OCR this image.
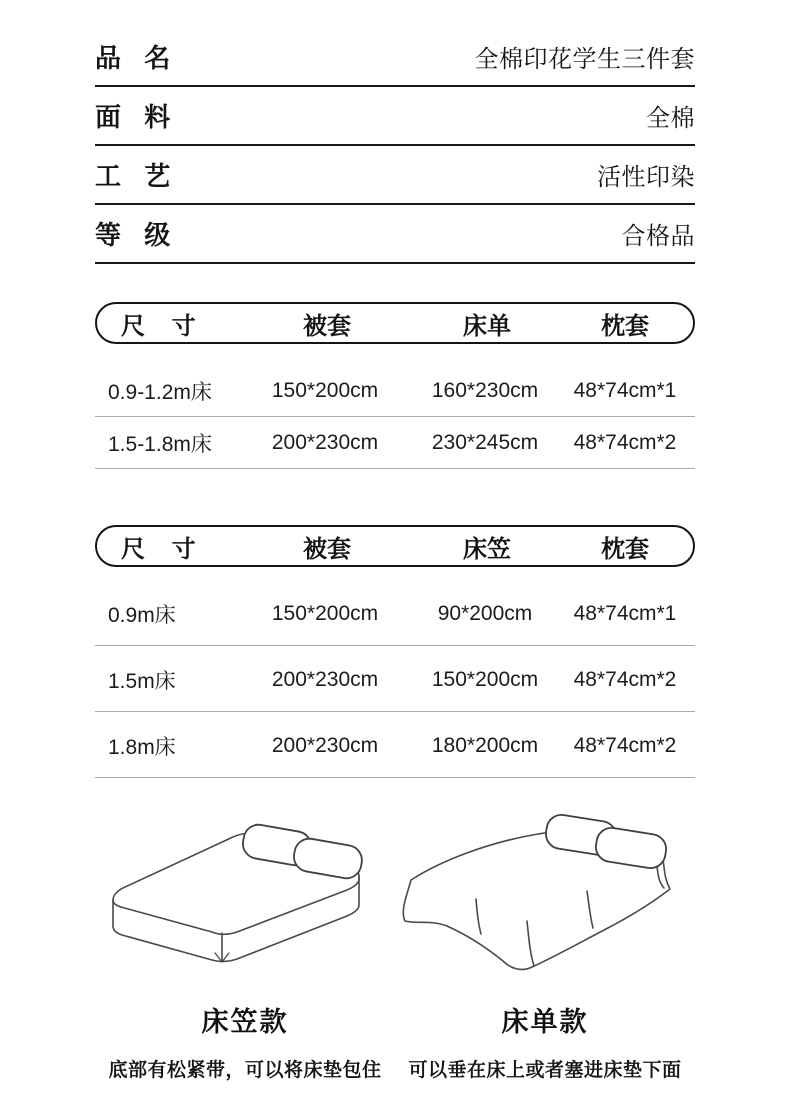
品 名	全棉印花学生三件套
面 料	全棉
工 艺	活性印染
等 级	合格品
尺 寸	被套	床单	枕套
0.9-1.2m床	150*200cm	160*230cm	48*74cm*1
1.5-1.8m床	200*230cm	230*245cm	48*74cm*2
尺 寸	被套	床笠	枕套
0.9m床	150*200cm	90*200cm	48*74cm*1
1.5m床	200*230cm	150*200cm	48*74cm*2
1.8m床	200*230cm	180*200cm	48*74cm*2
床笠款
底部有松紧带，可以将床垫包住
床单款
可以垂在床上或者塞进床垫下面
